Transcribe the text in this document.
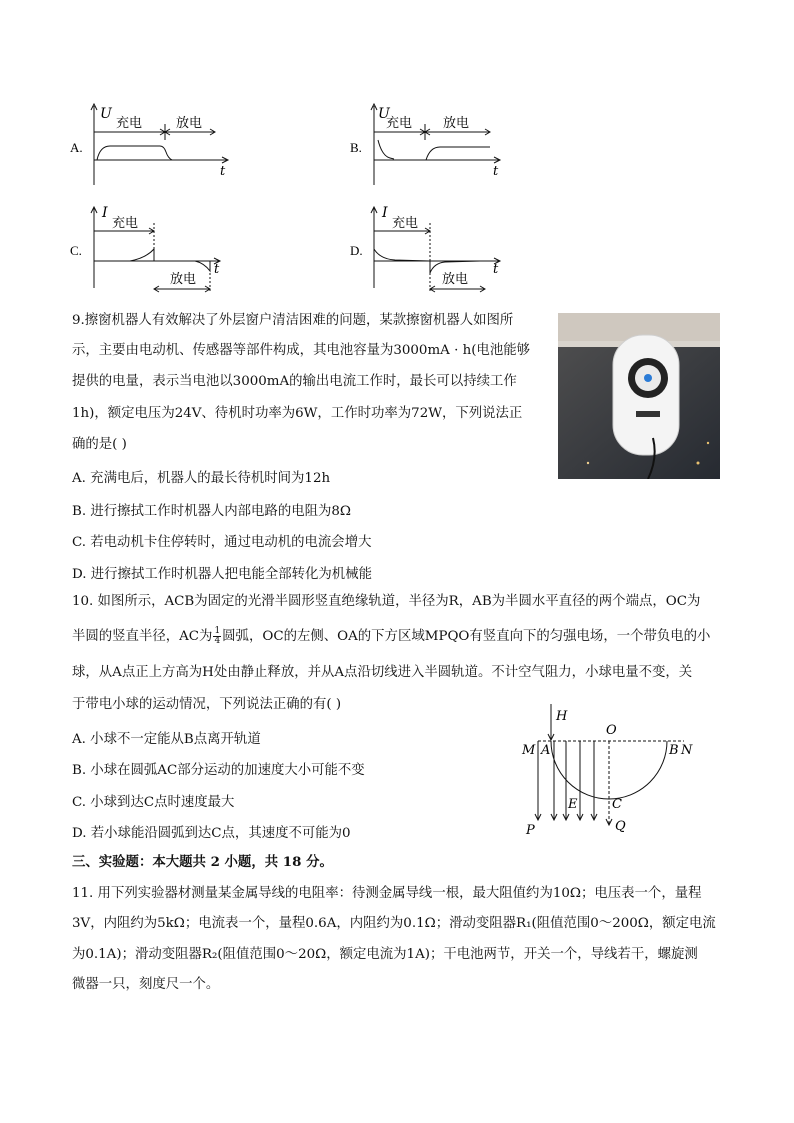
A.
U
t
充电	放电
B.
U
t
充电 放电
C.
I
t
充电
放电
D.
I
t
充电
放电
9.擦窗机器人有效解决了外层窗户清洁困难的问题，某款擦窗机器人如图所
示，主要由电动机、传感器等部件构成，其电池容量为3000mA · h(电池能够
提供的电量，表示当电池以3000mA的输出电流工作时，最长可以持续工作
1h)，额定电压为24V、待机时功率为6W，工作时功率为72W，下列说法正
确的是( )
A. 充满电后，机器人的最长待机时间为12h
B. 进行擦拭工作时机器人内部电路的电阻为8Ω
C. 若电动机卡住停转时，通过电动机的电流会增大
D. 进行擦拭工作时机器人把电能全部转化为机械能
10. 如图所示，ACB为固定的光滑半圆形竖直绝缘轨道，半径为R，AB为半圆水平直径的两个端点，OC为
半圆的竖直半径，AC为 $\frac{1}{4}$ 圆弧，OC的左侧、OA的下方区域MPQO有竖直向下的匀强电场，一个带负电的小
球，从A点正上方高为H处由静止释放，并从A点沿切线进入半圆轨道。不计空气阻力，小球电量不变，关
于带电小球的运动情况，下列说法正确的有( )
A. 小球不一定能从B点离开轨道
B. 小球在圆弧AC部分运动的加速度大小可能不变
C. 小球到达C点时速度最大
D. 若小球能沿圆弧到达C点，其速度不可能为0
H
M A
O
B N
E	C
P	Q
三、实验题：本大题共 2 小题，共 18 分。
11. 用下列实验器材测量某金属导线的电阻率：待测金属导线一根，最大阻值约为10Ω；电压表一个，量程
3V，内阻约为5kΩ；电流表一个，量程0.6A，内阻约为0.1Ω；滑动变阻器R₁(阻值范围0～200Ω，额定电流
为0.1A)；滑动变阻器R₂(阻值范围0～20Ω，额定电流为1A)；干电池两节，开关一个，导线若干，螺旋测
微器一只，刻度尺一个。
